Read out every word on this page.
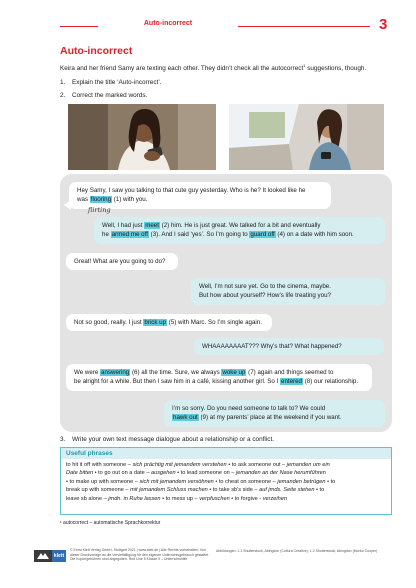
Auto-incorrect	3
Auto-incorrect
Keira and her friend Samy are texting each other. They didn’t check all the autocorrect$^1$ suggestions, though.
1. Explain the title ‘Auto-incorrect’.
2. Correct the marked words.
Hey Samy, I saw you talking to that cute guy yesterday. Who is he? It looked like he
was flooring (1) with you.
Well, I had just meet (2) him. He is just great. We talked for a bit and eventually
he armed me off (3). And I said ‘yes’. So I’m going to guard off (4) on a date with him soon.
Great! What are you going to do?
Well, I’m not sure yet. Go to the cinema, maybe.
But how about yourself? How’s life treating you?
Not so good, really. I just brick up (5) with Marc. So I’m single again.
WHAAAAAAAAT??? Why’s that? What happened?
We were answering (6) all the time. Sure, we always woke up (7) again and things seemed to
be alright for a while. But then I saw him in a café, kissing another girl. So I entered (8) our relationship.
I’m so sorry. Do you need someone to talk to? We could
hawk out (9) at my parents’ place at the weekend if you want.
flirting
3. Write your own text message dialogue about a relationship or a conflict.
Useful phrases
to hit it off with someone – sich prächtig mit jemandem verstehen • to ask someone out – jemanden um ein
Date bitten • to go out on a date – ausgehen • to lead someone on – jemanden an der Nase herumführen
• to make up with someone – sich mit jemandem versöhnen • to cheat on someone – jemanden betrügen • to
break up with someone – mit jemandem Schluss machen • to take sb’s side – auf jmds. Seite stehen • to
leave sb alone – jmdn. in Ruhe lassen • to mess up – verpfuschen • to forgive - verzeihen
¹ autocorrect – automatische Sprachkorrektur
klett
© Ernst Klett Verlag GmbH, Stuttgart 2021 | www.klett.de | Alle Rechte vorbehalten. Von dieser Druckvorlage ist die Vervielfältigung für den eigenen Unterrichtsgebrauch gestattet. Die Kopiergebühren sind abgegolten. Red Line 5 Klasse 9 – Unterrichtshilfe
Abbildungen: 1.1 Shutterstock, Abingdon (Cultura Creative); 1.2 Shutterstock, Abingdon (Morbo Cooper)
